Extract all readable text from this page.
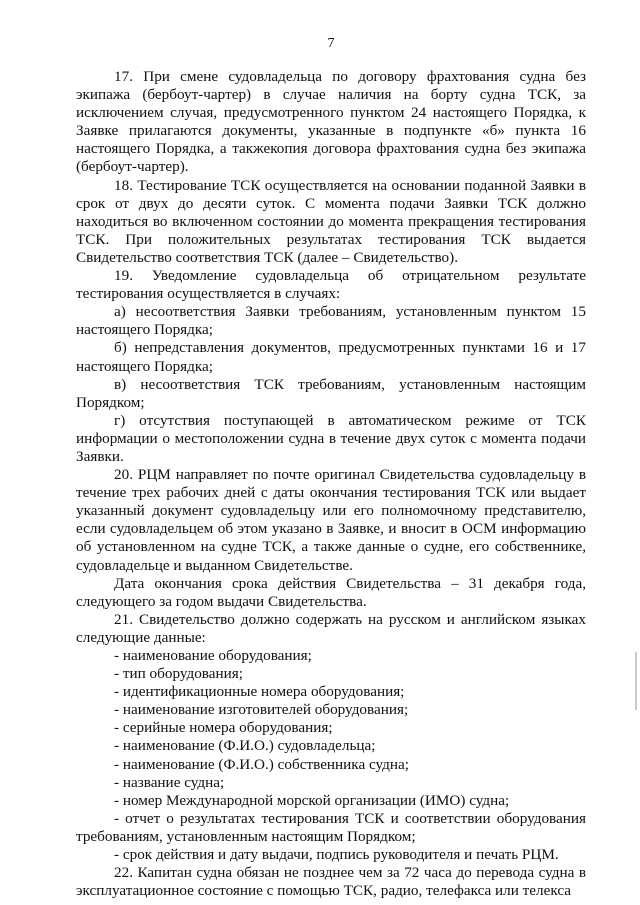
7

17. При смене судовладельца по договору фрахтования судна без экипажа (бербоут-чартер) в случае наличия на борту судна ТСК, за исключением случая, предусмотренного пунктом 24 настоящего Порядка, к Заявке прилагаются документы, указанные в подпункте «б» пункта 16 настоящего Порядка, а такжекопия договора фрахтования судна без экипажа (бербоут-чартер).

18. Тестирование ТСК осуществляется на основании поданной Заявки в срок от двух до десяти суток. С момента подачи Заявки ТСК должно находиться во включенном состоянии до момента прекращения тестирования ТСК. При положительных результатах тестирования ТСК выдается Свидетельство соответствия ТСК (далее – Свидетельство).

19. Уведомление судовладельца об отрицательном результате тестирования осуществляется в случаях:

а) несоответствия Заявки требованиям, установленным пунктом 15 настоящего Порядка;

б) непредставления документов, предусмотренных пунктами 16 и 17 настоящего Порядка;

в) несоответствия ТСК требованиям, установленным настоящим Порядком;

г) отсутствия поступающей в автоматическом режиме от ТСК информации о местоположении судна в течение двух суток с момента подачи Заявки.

20. РЦМ направляет по почте оригинал Свидетельства судовладельцу в течение трех рабочих дней с даты окончания тестирования ТСК или выдает указанный документ судовладельцу или его полномочному представителю, если судовладельцем об этом указано в Заявке, и вносит в ОСМ информацию об установленном на судне ТСК, а также данные о судне, его собственнике, судовладельце и выданном Свидетельстве.

Дата окончания срока действия Свидетельства – 31 декабря года, следующего за годом выдачи Свидетельства.

21. Свидетельство должно содержать на русском и английском языках следующие данные:

- наименование оборудования;

- тип оборудования;

- идентификационные номера оборудования;

- наименование изготовителей оборудования;

- серийные номера оборудования;

- наименование (Ф.И.О.) судовладельца;

- наименование (Ф.И.О.) собственника судна;

- название судна;

- номер Международной морской организации (ИМО) судна;

- отчет о результатах тестирования ТСК и соответствии оборудования требованиям, установленным настоящим Порядком;

- срок действия и дату выдачи, подпись руководителя и печать РЦМ.

22. Капитан судна обязан не позднее чем за 72 часа до перевода судна в эксплуатационное состояние с помощью ТСК, радио, телефакса или телекса
